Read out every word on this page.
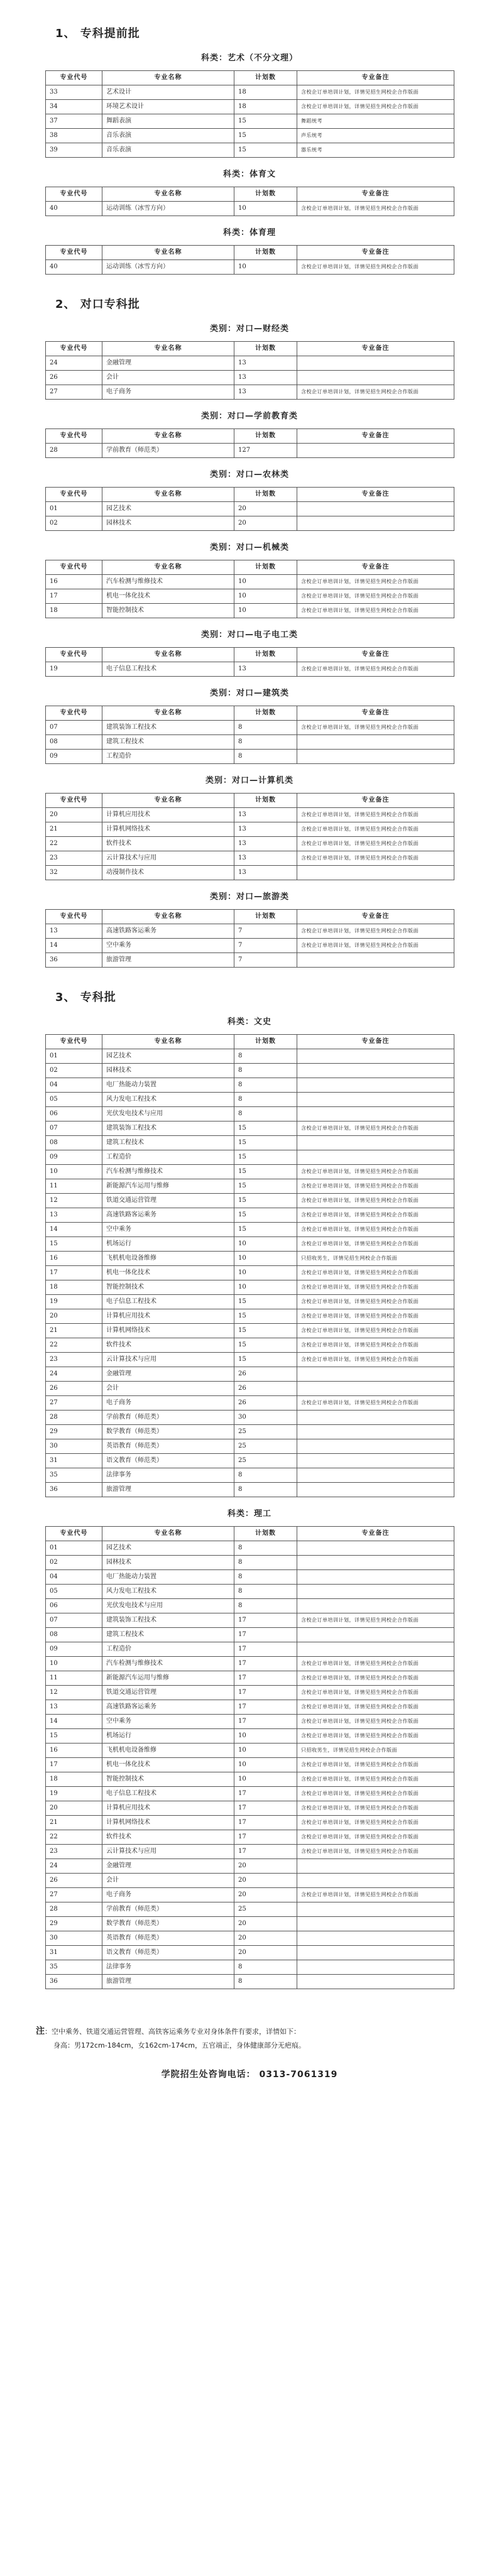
1、 专科提前批
科类：艺术（不分文理）
专业代号	专业名称	计划数	专业备注
33	艺术设计	18	含校企订单培训计划，详情见招生网校企合作版面
34	环境艺术设计	18	含校企订单培训计划，详情见招生网校企合作版面
37	舞蹈表演	15	舞蹈统考
38	音乐表演	15	声乐统考
39	音乐表演	15	器乐统考
科类：体育文
专业代号	专业名称	计划数	专业备注
40	运动训练（冰雪方向）	10	含校企订单培训计划，详情见招生网校企合作版面
科类：体育理
专业代号	专业名称	计划数	专业备注
40	运动训练（冰雪方向）	10	含校企订单培训计划，详情见招生网校企合作版面
2、 对口专科批
类别：对口—财经类
专业代号	专业名称	计划数	专业备注
24	金融管理	13	
26	会计	13	
27	电子商务	13	含校企订单培训计划，详情见招生网校企合作版面
类别：对口—学前教育类
专业代号	专业名称	计划数	专业备注
28	学前教育（师范类）	127	
类别：对口—农林类
专业代号	专业名称	计划数	专业备注
01	园艺技术	20	
02	园林技术	20	
类别：对口—机械类
专业代号	专业名称	计划数	专业备注
16	汽车检测与维修技术	10	含校企订单培训计划，详情见招生网校企合作版面
17	机电一体化技术	10	含校企订单培训计划，详情见招生网校企合作版面
18	智能控制技术	10	含校企订单培训计划，详情见招生网校企合作版面
类别：对口—电子电工类
专业代号	专业名称	计划数	专业备注
19	电子信息工程技术	13	含校企订单培训计划，详情见招生网校企合作版面
类别：对口—建筑类
专业代号	专业名称	计划数	专业备注
07	建筑装饰工程技术	8	含校企订单培训计划，详情见招生网校企合作版面
08	建筑工程技术	8	
09	工程造价	8	
类别：对口—计算机类
专业代号	专业名称	计划数	专业备注
20	计算机应用技术	13	含校企订单培训计划，详情见招生网校企合作版面
21	计算机网络技术	13	含校企订单培训计划，详情见招生网校企合作版面
22	软件技术	13	含校企订单培训计划，详情见招生网校企合作版面
23	云计算技术与应用	13	含校企订单培训计划，详情见招生网校企合作版面
32	动漫制作技术	13	
类别：对口—旅游类
专业代号	专业名称	计划数	专业备注
13	高速铁路客运乘务	7	含校企订单培训计划，详情见招生网校企合作版面
14	空中乘务	7	含校企订单培训计划，详情见招生网校企合作版面
36	旅游管理	7	
3、 专科批
科类：文史
专业代号	专业名称	计划数	专业备注
01	园艺技术	8	
02	园林技术	8	
04	电厂热能动力装置	8	
05	风力发电工程技术	8	
06	光伏发电技术与应用	8	
07	建筑装饰工程技术	15	含校企订单培训计划，详情见招生网校企合作版面
08	建筑工程技术	15	
09	工程造价	15	
10	汽车检测与维修技术	15	含校企订单培训计划，详情见招生网校企合作版面
11	新能源汽车运用与维修	15	含校企订单培训计划，详情见招生网校企合作版面
12	铁道交通运营管理	15	含校企订单培训计划，详情见招生网校企合作版面
13	高速铁路客运乘务	15	含校企订单培训计划，详情见招生网校企合作版面
14	空中乘务	15	含校企订单培训计划，详情见招生网校企合作版面
15	机场运行	10	含校企订单培训计划，详情见招生网校企合作版面
16	飞机机电设备维修	10	只招收男生，详情见招生网校企合作版面
17	机电一体化技术	10	含校企订单培训计划，详情见招生网校企合作版面
18	智能控制技术	10	含校企订单培训计划，详情见招生网校企合作版面
19	电子信息工程技术	15	含校企订单培训计划，详情见招生网校企合作版面
20	计算机应用技术	15	含校企订单培训计划，详情见招生网校企合作版面
21	计算机网络技术	15	含校企订单培训计划，详情见招生网校企合作版面
22	软件技术	15	含校企订单培训计划，详情见招生网校企合作版面
23	云计算技术与应用	15	含校企订单培训计划，详情见招生网校企合作版面
24	金融管理	26	
26	会计	26	
27	电子商务	26	含校企订单培训计划，详情见招生网校企合作版面
28	学前教育（师范类）	30	
29	数学教育（师范类）	25	
30	英语教育（师范类）	25	
31	语文教育（师范类）	25	
35	法律事务	8	
36	旅游管理	8	
科类：理工
专业代号	专业名称	计划数	专业备注
01	园艺技术	8	
02	园林技术	8	
04	电厂热能动力装置	8	
05	风力发电工程技术	8	
06	光伏发电技术与应用	8	
07	建筑装饰工程技术	17	含校企订单培训计划，详情见招生网校企合作版面
08	建筑工程技术	17	
09	工程造价	17	
10	汽车检测与维修技术	17	含校企订单培训计划，详情见招生网校企合作版面
11	新能源汽车运用与维修	17	含校企订单培训计划，详情见招生网校企合作版面
12	铁道交通运营管理	17	含校企订单培训计划，详情见招生网校企合作版面
13	高速铁路客运乘务	17	含校企订单培训计划，详情见招生网校企合作版面
14	空中乘务	17	含校企订单培训计划，详情见招生网校企合作版面
15	机场运行	10	含校企订单培训计划，详情见招生网校企合作版面
16	飞机机电设备维修	10	只招收男生，详情见招生网校企合作版面
17	机电一体化技术	10	含校企订单培训计划，详情见招生网校企合作版面
18	智能控制技术	10	含校企订单培训计划，详情见招生网校企合作版面
19	电子信息工程技术	17	含校企订单培训计划，详情见招生网校企合作版面
20	计算机应用技术	17	含校企订单培训计划，详情见招生网校企合作版面
21	计算机网络技术	17	含校企订单培训计划，详情见招生网校企合作版面
22	软件技术	17	含校企订单培训计划，详情见招生网校企合作版面
23	云计算技术与应用	17	含校企订单培训计划，详情见招生网校企合作版面
24	金融管理	20	
26	会计	20	
27	电子商务	20	含校企订单培训计划，详情见招生网校企合作版面
28	学前教育（师范类）	25	
29	数学教育（师范类）	20	
30	英语教育（师范类）	20	
31	语文教育（师范类）	20	
35	法律事务	8	
36	旅游管理	8	
注：空中乘务、铁道交通运营管理、高铁客运乘务专业对身体条件有要求，详情如下：
身高：男172cm-184cm，女162cm-174cm，五官端正，身体健康部分无疤痕。
学院招生处咨询电话： 0313-7061319
